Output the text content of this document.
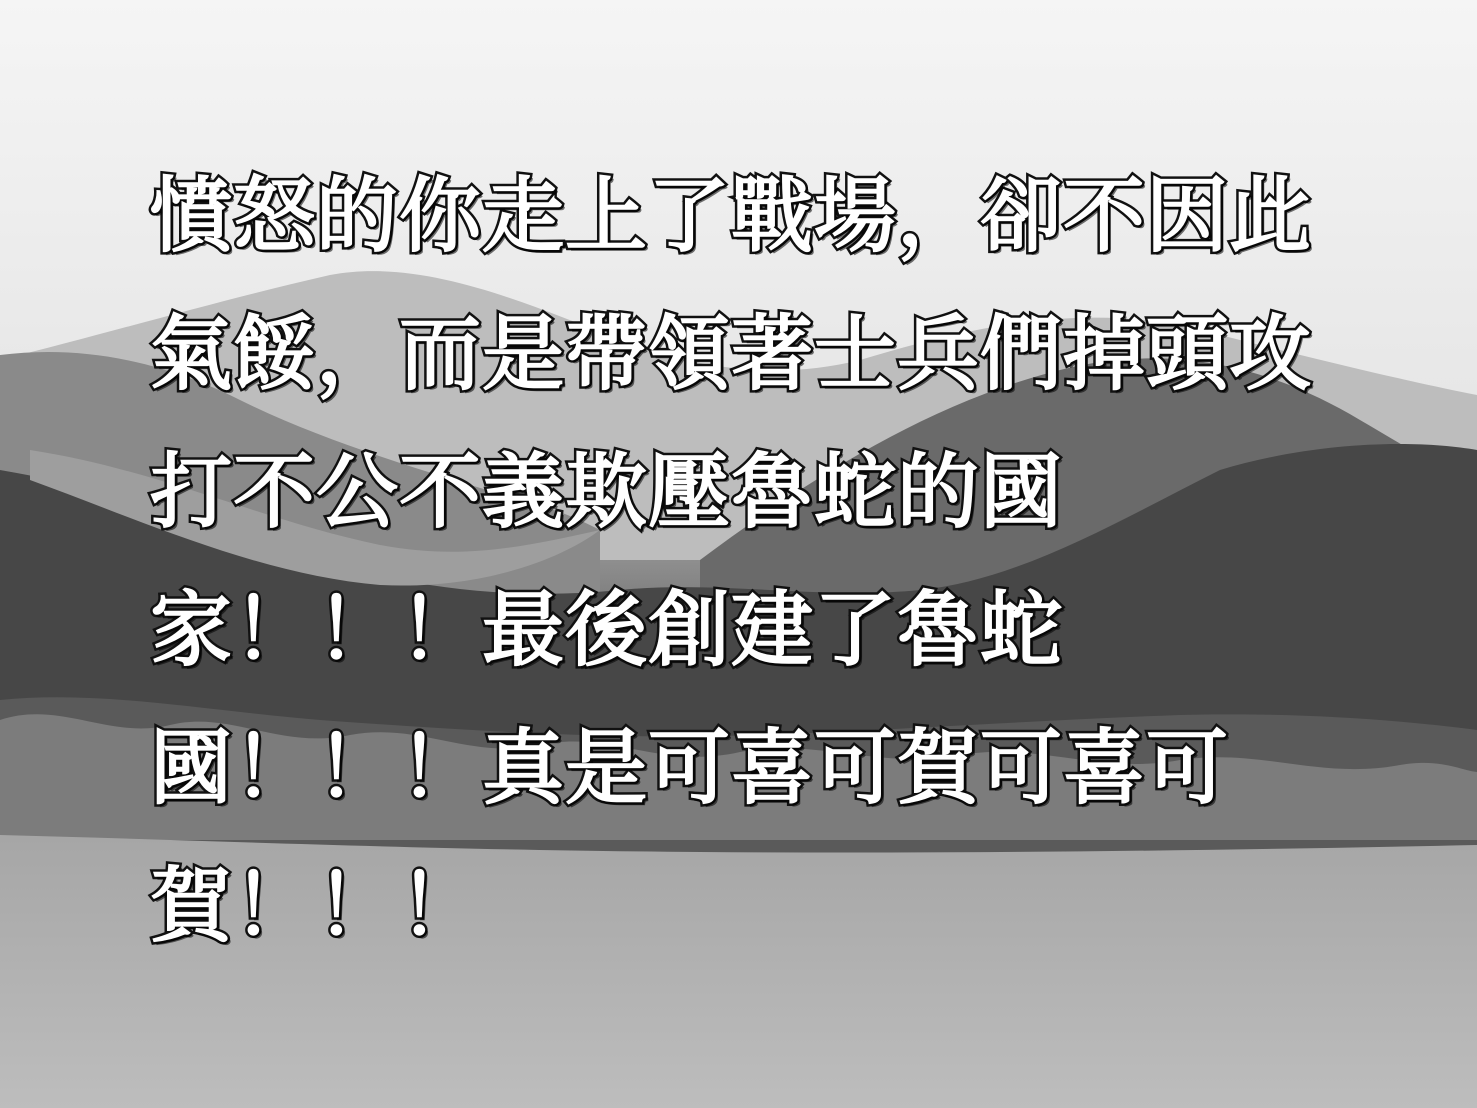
憤怒的你走上了戰場，卻不因此氣餒，而是帶領著士兵們掉頭攻打不公不義欺壓魯蛇的國家！！！最後創建了魯蛇國！！！真是可喜可賀可喜可賀！！！
